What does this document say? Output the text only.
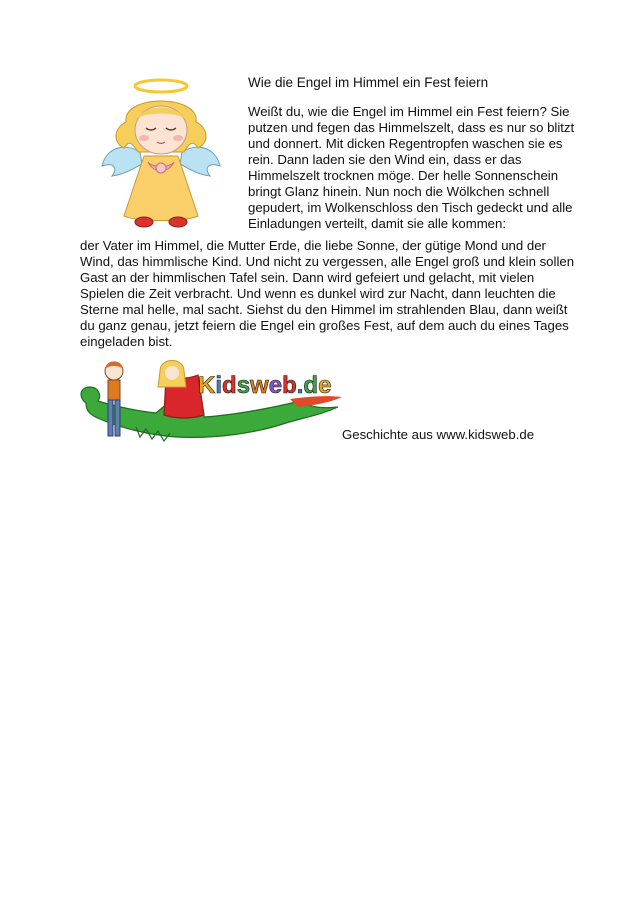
Wie die Engel im Himmel ein Fest feiern

Weißt du, wie die Engel im Himmel ein Fest feiern? Sie putzen und fegen das Himmelszelt, dass es nur so blitzt und donnert. Mit dicken Regentropfen waschen sie es rein. Dann laden sie den Wind ein, dass er das Himmelszelt trocknen möge. Der helle Sonnenschein bringt Glanz hinein. Nun noch die Wölkchen schnell gepudert, im Wolkenschloss den Tisch gedeckt und alle Einladungen verteilt, damit sie alle kommen:

der Vater im Himmel, die Mutter Erde, die liebe Sonne, der gütige Mond und der Wind, das himmlische Kind. Und nicht zu vergessen, alle Engel groß und klein sollen Gast an der himmlischen Tafel sein. Dann wird gefeiert und gelacht, mit vielen Spielen die Zeit verbracht. Und wenn es dunkel wird zur Nacht, dann leuchten die Sterne mal helle, mal sacht. Siehst du den Himmel im strahlenden Blau, dann weißt du ganz genau, jetzt feiern die Engel ein großes Fest, auf dem auch du eines Tages eingeladen bist.

Kidsweb.de

Geschichte aus www.kidsweb.de
